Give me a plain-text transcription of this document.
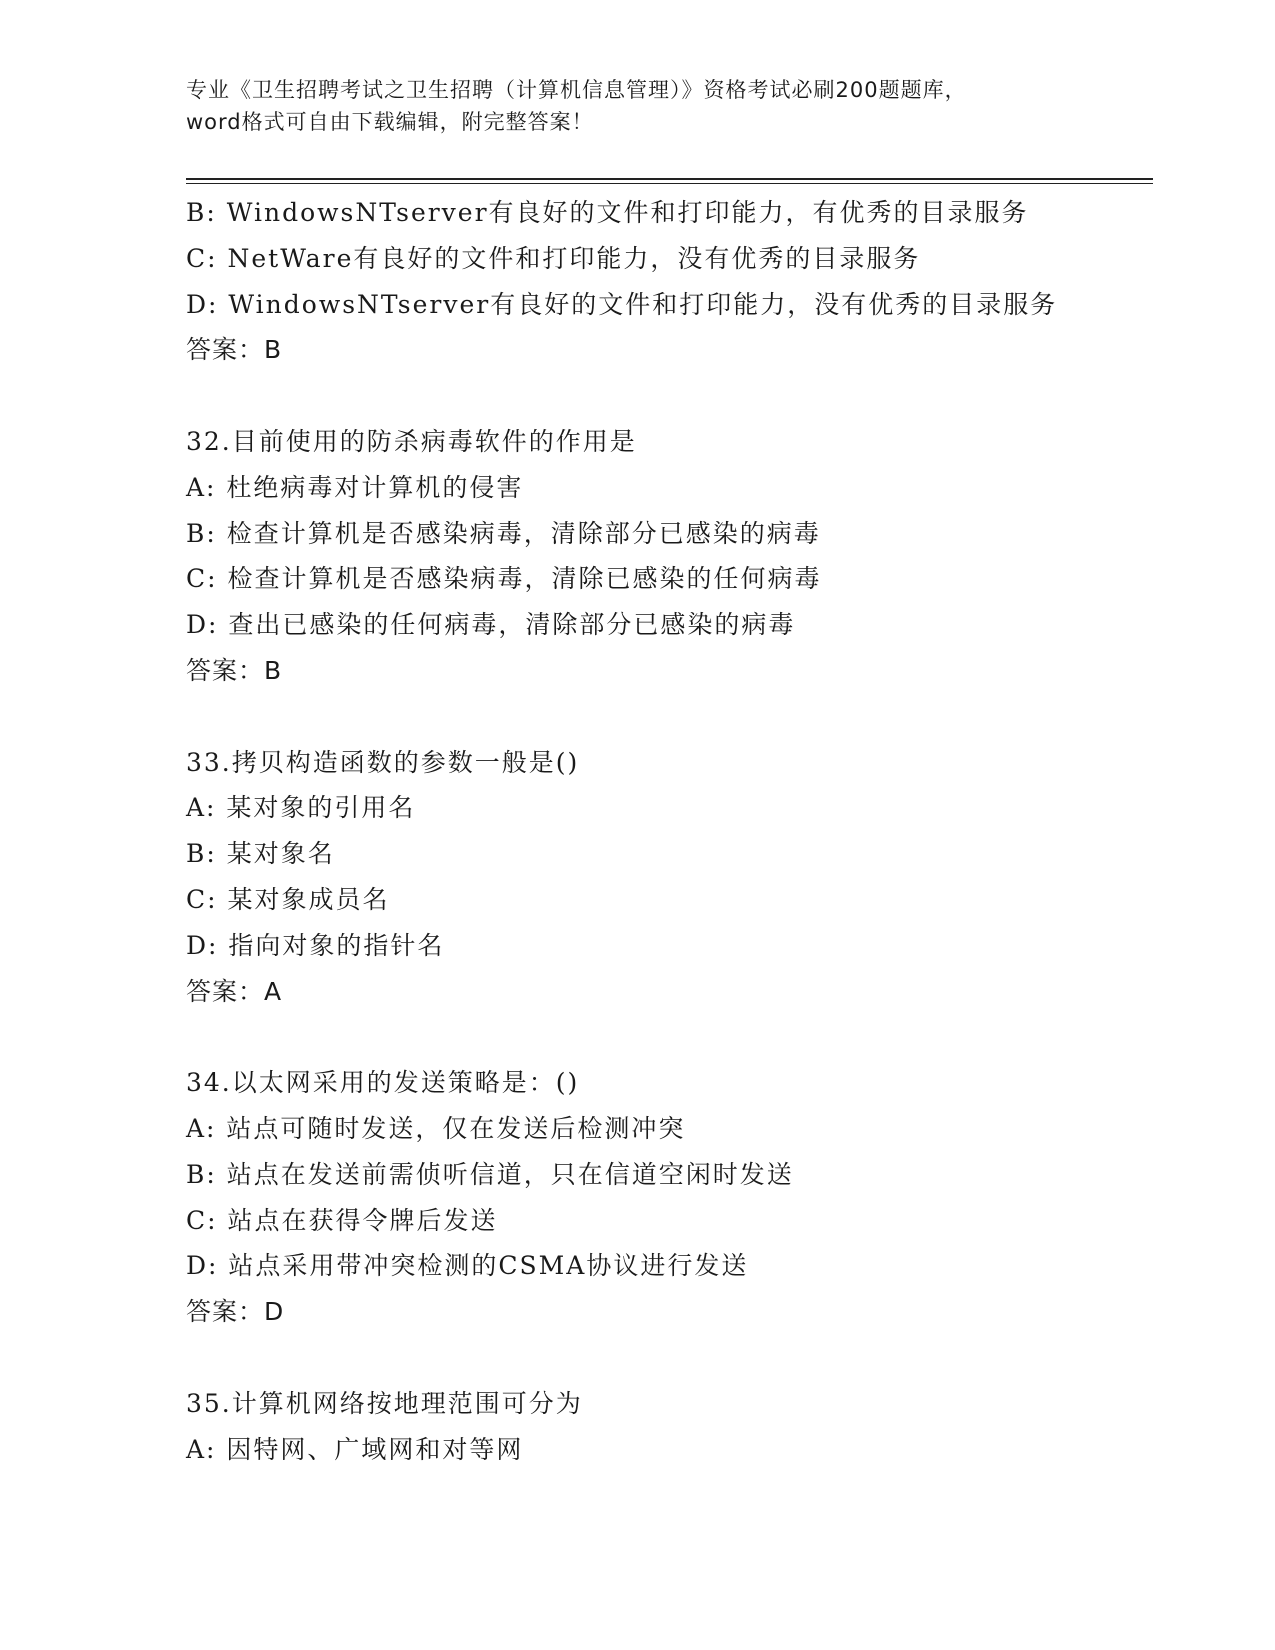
专业《卫生招聘考试之卫生招聘（计算机信息管理）》资格考试必刷200题题库，
word格式可自由下载编辑，附完整答案！
B: WindowsNTserver有良好的文件和打印能力，有优秀的目录服务
C: NetWare有良好的文件和打印能力，没有优秀的目录服务
D: WindowsNTserver有良好的文件和打印能力，没有优秀的目录服务
答案：B
32.目前使用的防杀病毒软件的作用是
A: 杜绝病毒对计算机的侵害
B: 检查计算机是否感染病毒，清除部分已感染的病毒
C: 检查计算机是否感染病毒，清除已感染的任何病毒
D: 查出已感染的任何病毒，清除部分已感染的病毒
答案：B
33.拷贝构造函数的参数一般是()
A: 某对象的引用名
B: 某对象名
C: 某对象成员名
D: 指向对象的指针名
答案：A
34.以太网采用的发送策略是：()
A: 站点可随时发送，仅在发送后检测冲突
B: 站点在发送前需侦听信道，只在信道空闲时发送
C: 站点在获得令牌后发送
D: 站点采用带冲突检测的CSMA协议进行发送
答案：D
35.计算机网络按地理范围可分为
A: 因特网、广域网和对等网
